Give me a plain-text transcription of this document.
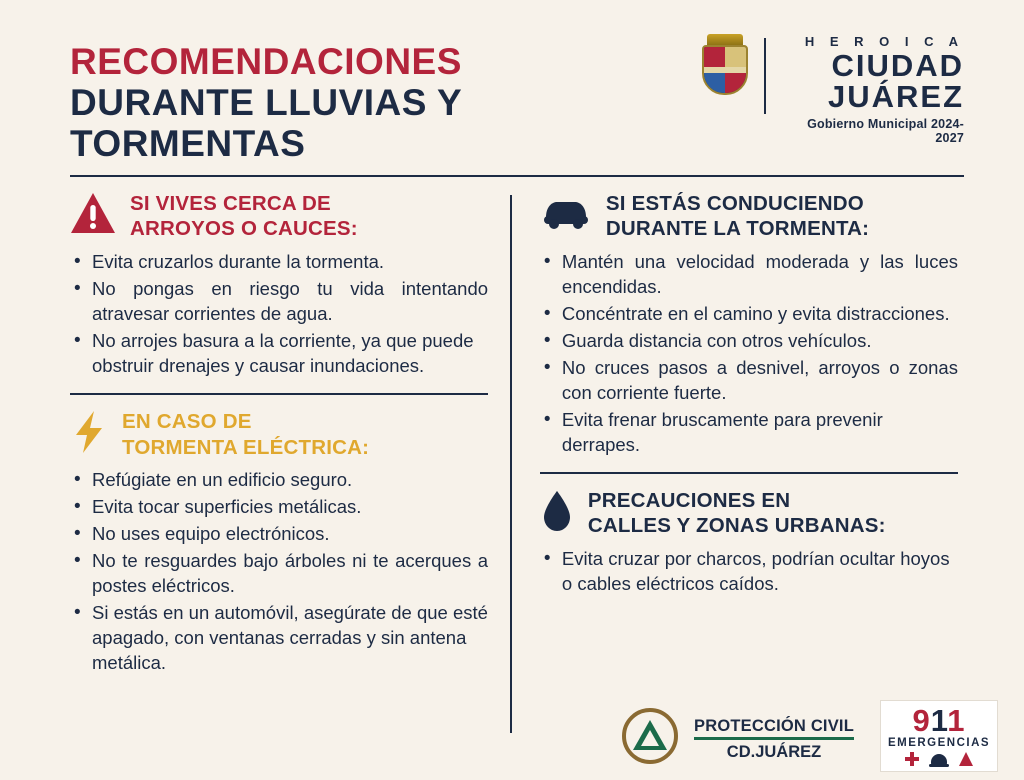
RECOMENDACIONES
DURANTE LLUVIAS Y TORMENTAS
H E R O I C A
CIUDAD
JUÁREZ
Gobierno Municipal 2024-2027
SI VIVES CERCA DE
ARROYOS O CAUCES:
• Evita cruzarlos durante la tormenta.
• No pongas en riesgo tu vida intentando atravesar corrientes de agua.
• No arrojes basura a la corriente, ya que puede obstruir drenajes y causar inundaciones.
EN CASO DE
TORMENTA ELÉCTRICA:
• Refúgiate en un edificio seguro.
• Evita tocar superficies metálicas.
• No uses equipo electrónicos.
• No te resguardes bajo árboles ni te acerques a postes eléctricos.
• Si estás en un automóvil, asegúrate de que esté apagado, con ventanas cerradas y sin antena metálica.
SI ESTÁS CONDUCIENDO
DURANTE LA TORMENTA:
• Mantén una velocidad moderada y las luces encendidas.
• Concéntrate en el camino y evita distracciones.
• Guarda distancia con otros vehículos.
• No cruces pasos a desnivel, arroyos o zonas con corriente fuerte.
• Evita frenar bruscamente para prevenir derrapes.
PRECAUCIONES EN
CALLES Y ZONAS URBANAS:
• Evita cruzar por charcos, podrían ocultar hoyos o cables eléctricos caídos.
PROTECCIÓN CIVIL
CD.JUÁREZ
911
EMERGENCIAS
